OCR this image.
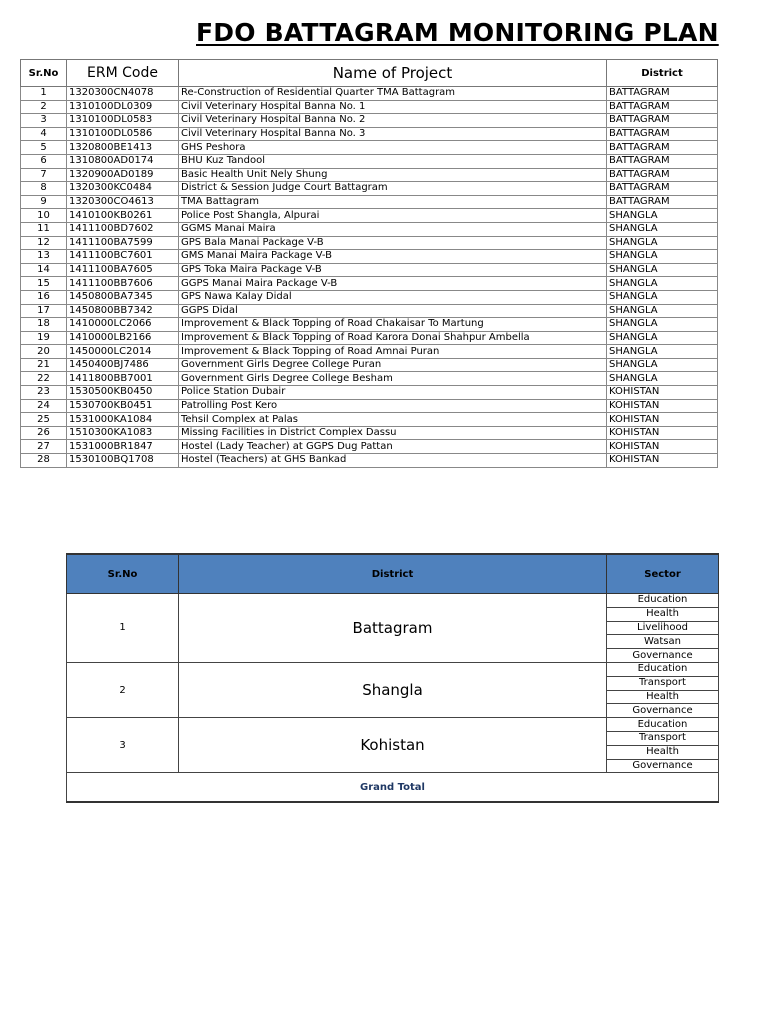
FDO BATTAGRAM MONITORING PLAN
Sr.No	ERM Code	Name of Project	District
1	1320300CN4078	Re-Construction of Residential Quarter TMA Battagram	BATTAGRAM
2	1310100DL0309	Civil Veterinary Hospital Banna No. 1	BATTAGRAM
3	1310100DL0583	Civil Veterinary Hospital Banna No. 2	BATTAGRAM
4	1310100DL0586	Civil Veterinary Hospital Banna No. 3	BATTAGRAM
5	1320800BE1413	GHS Peshora	BATTAGRAM
6	1310800AD0174	BHU Kuz Tandool	BATTAGRAM
7	1320900AD0189	Basic Health Unit Nely Shung	BATTAGRAM
8	1320300KC0484	District & Session Judge Court Battagram	BATTAGRAM
9	1320300CO4613	TMA Battagram	BATTAGRAM
10	1410100KB0261	Police Post Shangla, Alpurai	SHANGLA
11	1411100BD7602	GGMS Manai Maira	SHANGLA
12	1411100BA7599	GPS Bala Manai Package V-B	SHANGLA
13	1411100BC7601	GMS Manai Maira Package V-B	SHANGLA
14	1411100BA7605	GPS Toka Maira Package V-B	SHANGLA
15	1411100BB7606	GGPS Manai Maira Package V-B	SHANGLA
16	1450800BA7345	GPS Nawa Kalay Didal	SHANGLA
17	1450800BB7342	GGPS Didal	SHANGLA
18	1410000LC2066	Improvement & Black Topping of Road Chakaisar To Martung	SHANGLA
19	1410000LB2166	Improvement & Black Topping of Road Karora Donai Shahpur Ambella	SHANGLA
20	1450000LC2014	Improvement & Black Topping of Road Amnai Puran	SHANGLA
21	1450400BJ7486	Government Girls Degree College Puran	SHANGLA
22	1411800BB7001	Government Girls Degree College Besham	SHANGLA
23	1530500KB0450	Police Station Dubair	KOHISTAN
24	1530700KB0451	Patrolling Post Kero	KOHISTAN
25	1531000KA1084	Tehsil Complex at Palas	KOHISTAN
26	1510300KA1083	Missing Facilities in District Complex Dassu	KOHISTAN
27	1531000BR1847	Hostel (Lady Teacher) at GGPS Dug Pattan	KOHISTAN
28	1530100BQ1708	Hostel (Teachers) at GHS Bankad	KOHISTAN
Sr.No	District	Sector
1	Battagram	Education
		Health
		Livelihood
		Watsan
		Governance
2	Shangla	Education
		Transport
		Health
		Governance
3	Kohistan	Education
		Transport
		Health
		Governance
Grand Total		
